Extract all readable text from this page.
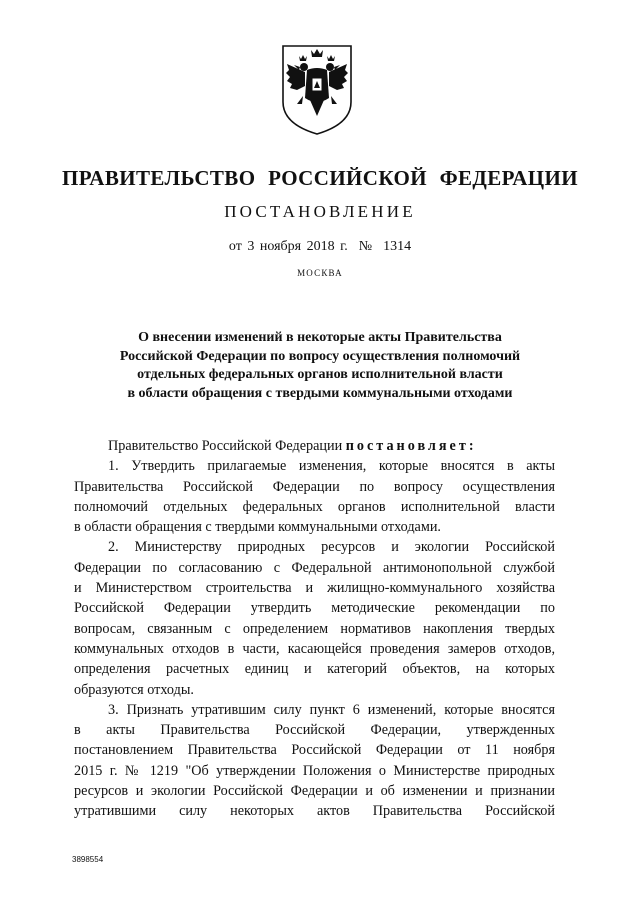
ПРАВИТЕЛЬСТВО РОССИЙСКОЙ ФЕДЕРАЦИИ
ПОСТАНОВЛЕНИЕ
от 3 ноября 2018 г.  №  1314
МОСКВА
О внесении изменений в некоторые акты Правительства
Российской Федерации по вопросу осуществления полномочий
отдельных федеральных органов исполнительной власти
в области обращения с твердыми коммунальными отходами
Правительство Российской Федерации постановляет:
1. Утвердить прилагаемые изменения, которые вносятся в акты
Правительства Российской Федерации по вопросу осуществления
полномочий отдельных федеральных органов исполнительной власти
в области обращения с твердыми коммунальными отходами.
2. Министерству природных ресурсов и экологии Российской
Федерации по согласованию с Федеральной антимонопольной службой
и Министерством строительства и жилищно-коммунального хозяйства
Российской Федерации утвердить методические рекомендации по
вопросам, связанным с определением нормативов накопления твердых
коммунальных отходов в части, касающейся проведения замеров отходов,
определения расчетных единиц и категорий объектов, на которых
образуются отходы.
3. Признать утратившим силу пункт 6 изменений, которые вносятся
в акты Правительства Российской Федерации, утвержденных
постановлением Правительства Российской Федерации от 11 ноября
2015 г. № 1219 "Об утверждении Положения о Министерстве природных
ресурсов и экологии Российской Федерации и об изменении и признании
утратившими силу некоторых актов Правительства Российской
3898554
